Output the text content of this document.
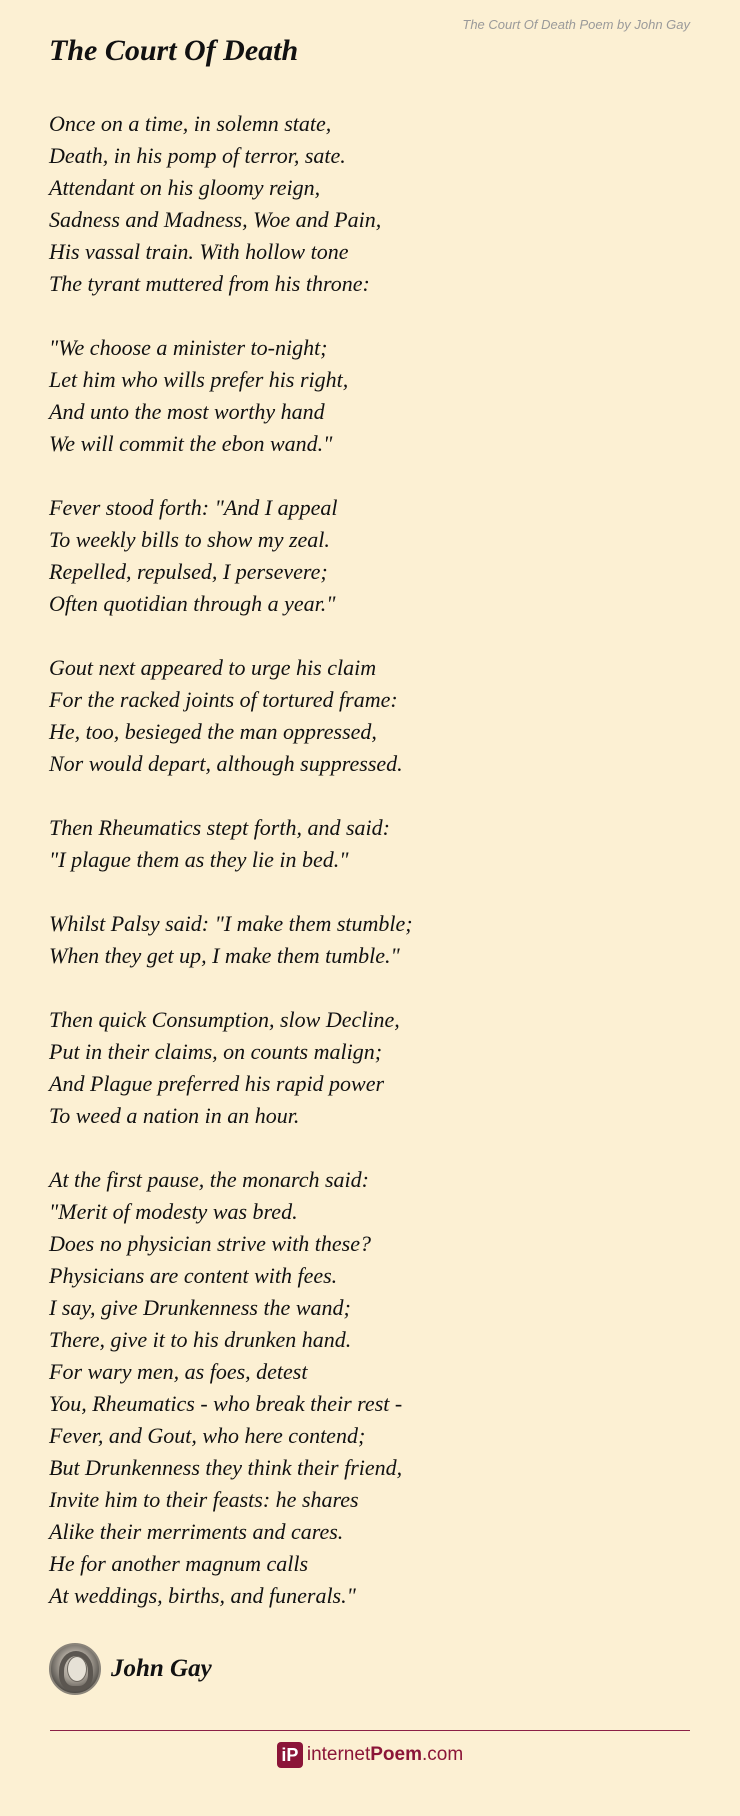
The Court Of Death Poem by John Gay
The Court Of Death
Once on a time, in solemn state,
Death, in his pomp of terror, sate.
Attendant on his gloomy reign,
Sadness and Madness, Woe and Pain,
His vassal train. With hollow tone
The tyrant muttered from his throne:
"We choose a minister to-night;
Let him who wills prefer his right,
And unto the most worthy hand
We will commit the ebon wand."
Fever stood forth: "And I appeal
To weekly bills to show my zeal.
Repelled, repulsed, I persevere;
Often quotidian through a year."
Gout next appeared to urge his claim
For the racked joints of tortured frame:
He, too, besieged the man oppressed,
Nor would depart, although suppressed.
Then Rheumatics stept forth, and said:
"I plague them as they lie in bed."
Whilst Palsy said: "I make them stumble;
When they get up, I make them tumble."
Then quick Consumption, slow Decline,
Put in their claims, on counts malign;
And Plague preferred his rapid power
To weed a nation in an hour.
At the first pause, the monarch said:
"Merit of modesty was bred.
Does no physician strive with these?
Physicians are content with fees.
I say, give Drunkenness the wand;
There, give it to his drunken hand.
For wary men, as foes, detest
You, Rheumatics - who break their rest -
Fever, and Gout, who here contend;
But Drunkenness they think their friend,
Invite him to their feasts: he shares
Alike their merriments and cares.
He for another magnum calls
At weddings, births, and funerals."
John Gay
iP internetPoem.com
